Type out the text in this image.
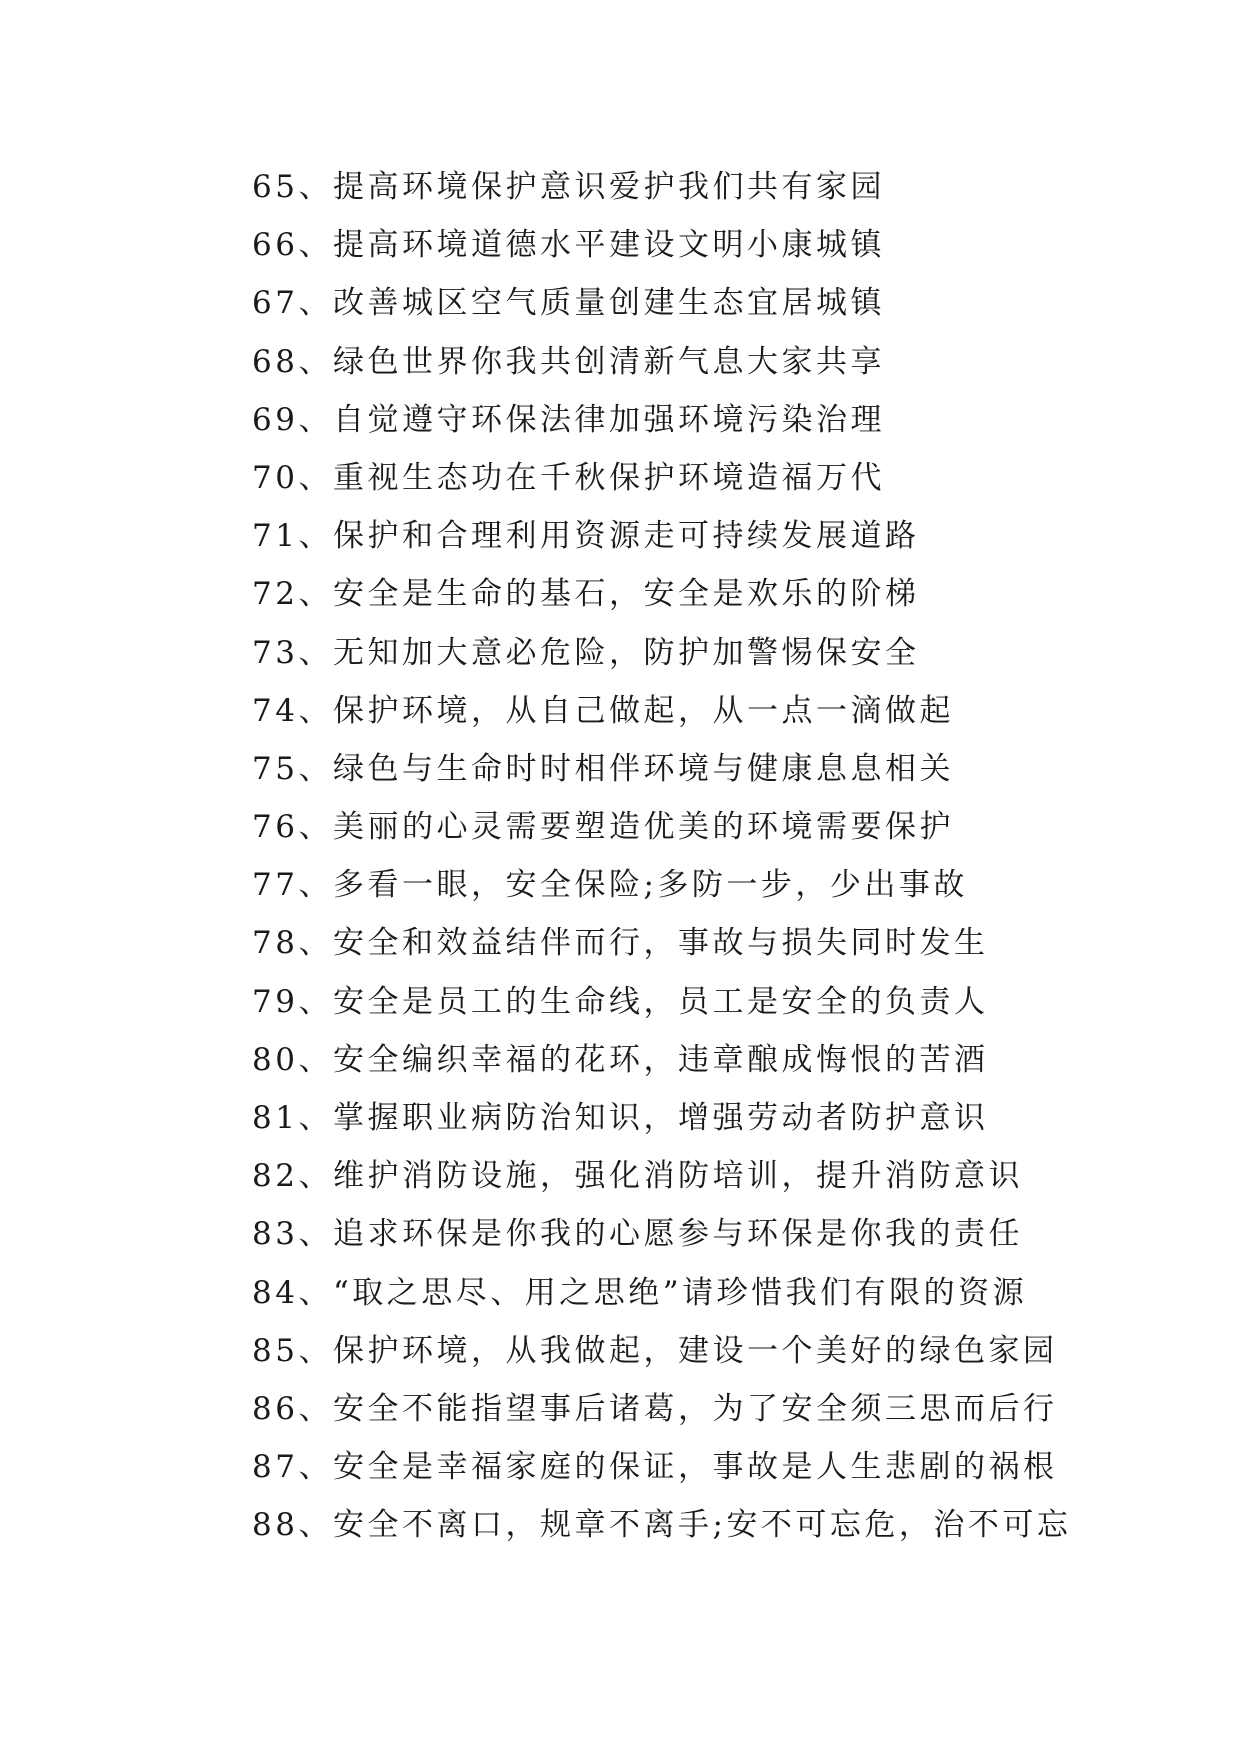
65、提高环境保护意识爱护我们共有家园
66、提高环境道德水平建设文明小康城镇
67、改善城区空气质量创建生态宜居城镇
68、绿色世界你我共创清新气息大家共享
69、自觉遵守环保法律加强环境污染治理
70、重视生态功在千秋保护环境造福万代
71、保护和合理利用资源走可持续发展道路
72、安全是生命的基石，安全是欢乐的阶梯
73、无知加大意必危险，防护加警惕保安全
74、保护环境，从自己做起，从一点一滴做起
75、绿色与生命时时相伴环境与健康息息相关
76、美丽的心灵需要塑造优美的环境需要保护
77、多看一眼，安全保险;多防一步，少出事故
78、安全和效益结伴而行，事故与损失同时发生
79、安全是员工的生命线，员工是安全的负责人
80、安全编织幸福的花环，违章酿成悔恨的苦酒
81、掌握职业病防治知识，增强劳动者防护意识
82、维护消防设施，强化消防培训，提升消防意识
83、追求环保是你我的心愿参与环保是你我的责任
84、“取之思尽、用之思绝”请珍惜我们有限的资源
85、保护环境，从我做起，建设一个美好的绿色家园
86、安全不能指望事后诸葛，为了安全须三思而后行
87、安全是幸福家庭的保证，事故是人生悲剧的祸根
88、安全不离口，规章不离手;安不可忘危，治不可忘
